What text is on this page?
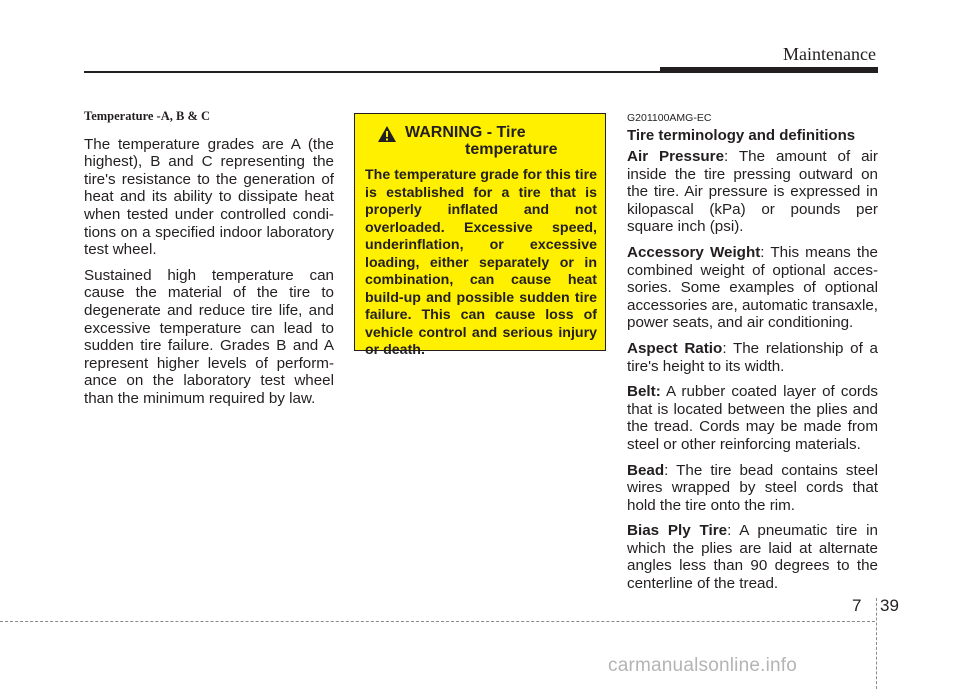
Maintenance
Temperature -A, B & C

The temperature grades are A (the highest), B and C representing the tire's resistance to the generation of heat and its ability to dissipate heat when tested under controlled condi-tions on a specified indoor laboratory test wheel.

Sustained high temperature can cause the material of the tire to degenerate and reduce tire life, and excessive temperature can lead to sudden tire failure. Grades B and A represent higher levels of perform-ance on the laboratory test wheel than the minimum required by law.

WARNING - Tire
temperature
The temperature grade for this tire is established for a tire that is properly inflated and not overloaded. Excessive speed, underinflation, or excessive loading, either separately or in combination, can cause heat build-up and possible sudden tire failure. This can cause loss of vehicle control and serious injury or death.
G201100AMG-EC
Tire terminology and definitions

Air Pressure: The amount of air inside the tire pressing outward on the tire. Air pressure is expressed in kilopascal (kPa) or pounds per square inch (psi).

Accessory Weight: This means the combined weight of optional acces-sories. Some examples of optional accessories are, automatic transaxle, power seats, and air conditioning.

Aspect Ratio: The relationship of a tire's height to its width.

Belt: A rubber coated layer of cords that is located between the plies and the tread. Cords may be made from steel or other reinforcing materials.

Bead: The tire bead contains steel wires wrapped by steel cords that hold the tire onto the rim.

Bias Ply Tire: A pneumatic tire in which the plies are laid at alternate angles less than 90 degrees to the centerline of the tread.

7 39
carmanualsonline.info
